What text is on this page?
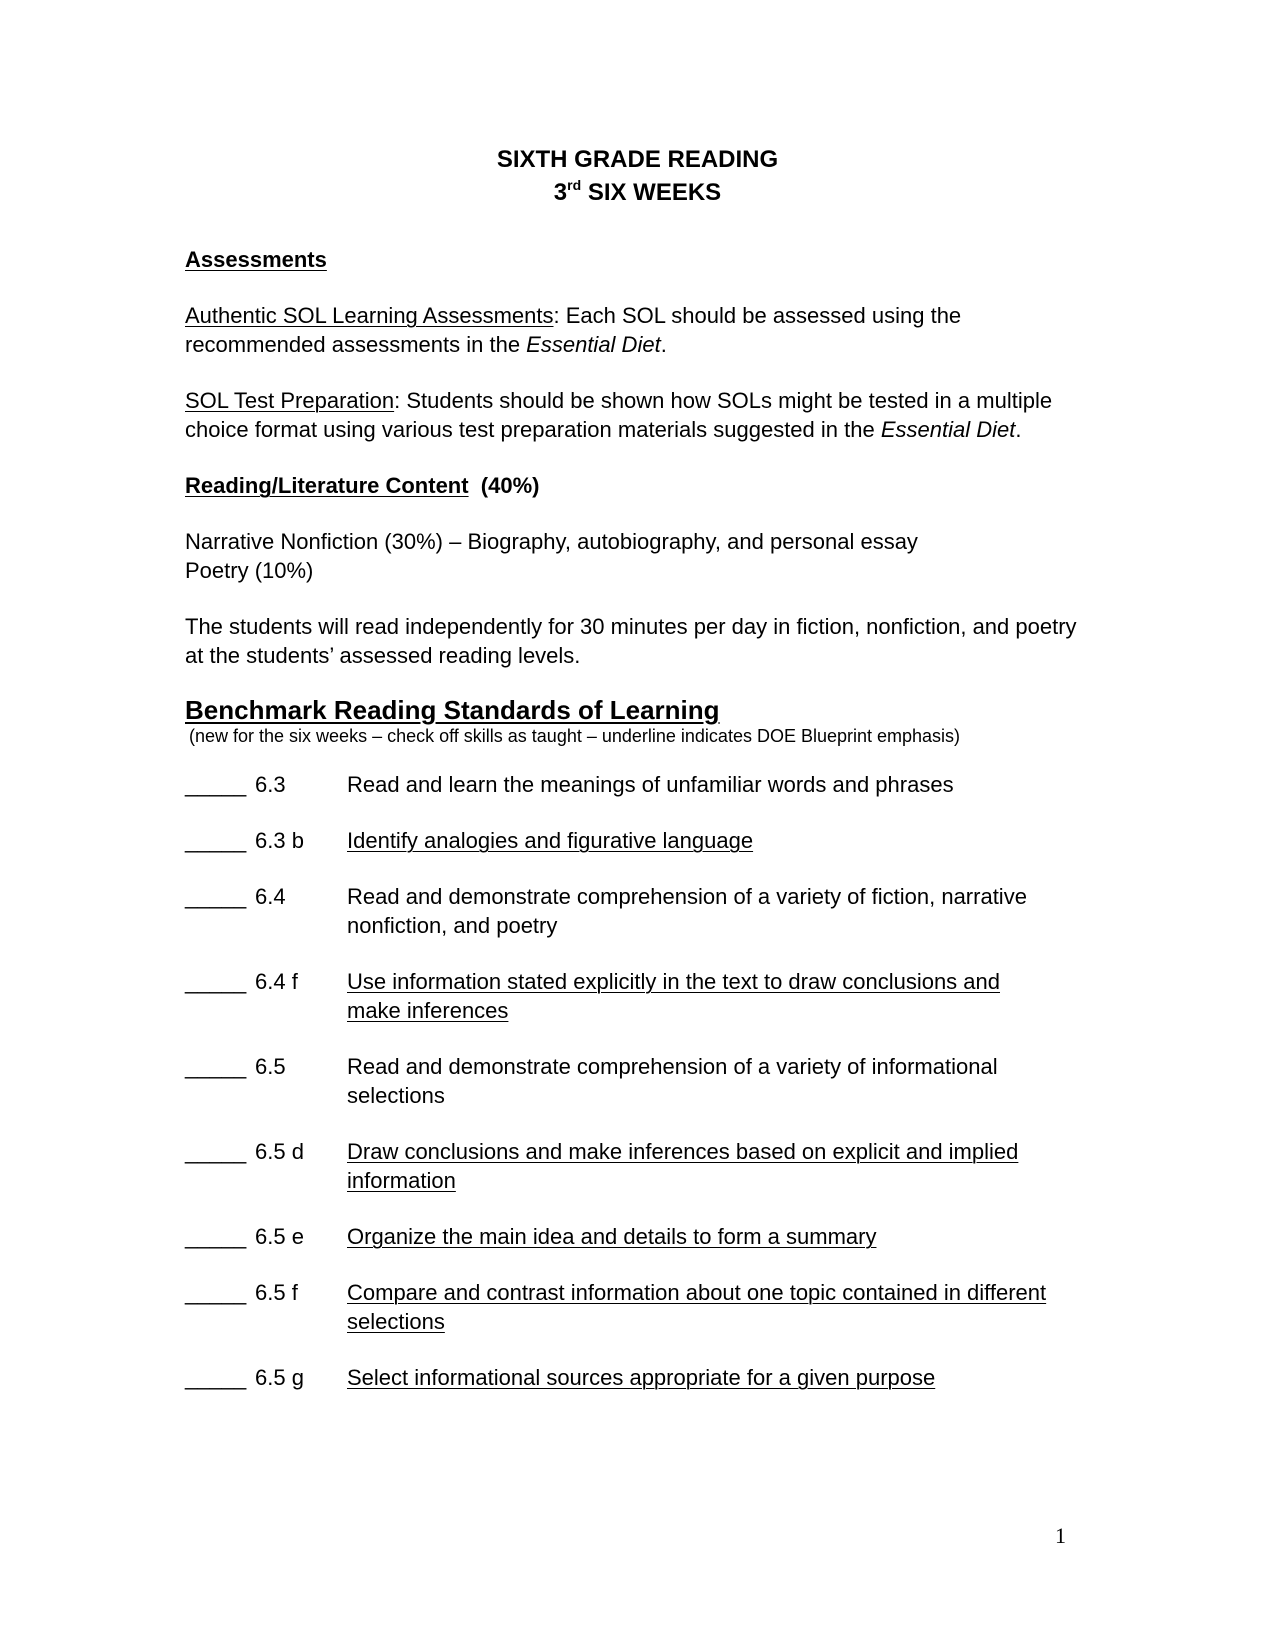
SIXTH GRADE READING
3rd SIX WEEKS

Assessments

Authentic SOL Learning Assessments: Each SOL should be assessed using the recommended assessments in the Essential Diet.

SOL Test Preparation: Students should be shown how SOLs might be tested in a multiple choice format using various test preparation materials suggested in the Essential Diet.

Reading/Literature Content  (40%)

Narrative Nonfiction (30%) – Biography, autobiography, and personal essay

Poetry (10%)

The students will read independently for 30 minutes per day in fiction, nonfiction, and poetry at the students’ assessed reading levels.

Benchmark Reading Standards of Learning

(new for the six weeks – check off skills as taught – underline indicates DOE Blueprint emphasis)

_____ 6.3	Read and learn the meanings of unfamiliar words and phrases
_____ 6.3 b	Identify analogies and figurative language
_____ 6.4	Read and demonstrate comprehension of a variety of fiction, narrative nonfiction, and poetry
_____ 6.4 f	Use information stated explicitly in the text to draw conclusions and make inferences
_____ 6.5	Read and demonstrate comprehension of a variety of informational selections
_____ 6.5 d	Draw conclusions and make inferences based on explicit and implied information
_____ 6.5 e	Organize the main idea and details to form a summary
_____ 6.5 f	Compare and contrast information about one topic contained in different selections
_____ 6.5 g	Select informational sources appropriate for a given purpose
1
